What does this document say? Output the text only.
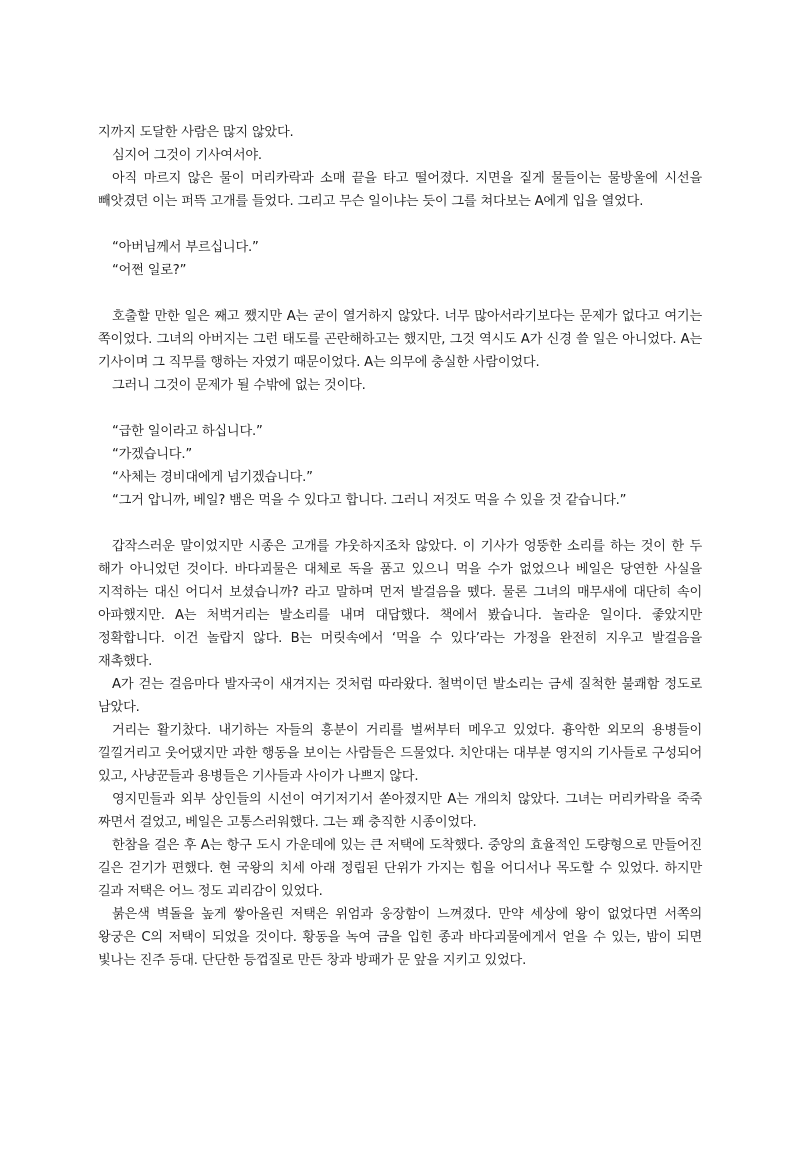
지까지 도달한 사람은 많지 않았다.

심지어 그것이 기사여서야.

아직 마르지 않은 물이 머리카락과 소매 끝을 타고 떨어졌다. 지면을 짙게 물들이는 물방울에 시선을 빼앗겼던 이는 퍼뜩 고개를 들었다. 그리고 무슨 일이냐는 듯이 그를 쳐다보는 A에게 입을 열었다.

“아버님께서 부르십니다.”

“어쩐 일로?”

호출할 만한 일은 째고 쨌지만 A는 굳이 열거하지 않았다. 너무 많아서라기보다는 문제가 없다고 여기는 쪽이었다. 그녀의 아버지는 그런 태도를 곤란해하고는 했지만, 그것 역시도 A가 신경 쓸 일은 아니었다. A는 기사이며 그 직무를 행하는 자였기 때문이었다. A는 의무에 충실한 사람이었다.

그러니 그것이 문제가 될 수밖에 없는 것이다.

“급한 일이라고 하십니다.”

“가겠습니다.”

“사체는 경비대에게 넘기겠습니다.”

“그거 압니까, 베일? 뱀은 먹을 수 있다고 합니다. 그러니 저것도 먹을 수 있을 것 같습니다.”

갑작스러운 말이었지만 시종은 고개를 갸웃하지조차 않았다. 이 기사가 엉뚱한 소리를 하는 것이 한 두 해가 아니었던 것이다. 바다괴물은 대체로 독을 품고 있으니 먹을 수가 없었으나 베일은 당연한 사실을 지적하는 대신 어디서 보셨습니까? 라고 말하며 먼저 발걸음을 뗐다. 물론 그녀의 매무새에 대단히 속이 아파했지만. A는 처벅거리는 발소리를 내며 대답했다. 책에서 봤습니다. 놀라운 일이다. 좋았지만 정확합니다. 이건 놀랍지 않다. B는 머릿속에서 ‘먹을 수 있다’라는 가정을 완전히 지우고 발걸음을 재촉했다.

A가 걷는 걸음마다 발자국이 새겨지는 것처럼 따라왔다. 철벅이던 발소리는 금세 질척한 불쾌함 정도로 남았다.

거리는 활기찼다. 내기하는 자들의 흥분이 거리를 벌써부터 메우고 있었다. 흉악한 외모의 용병들이 낄낄거리고 웃어댔지만 과한 행동을 보이는 사람들은 드물었다. 치안대는 대부분 영지의 기사들로 구성되어 있고, 사냥꾼들과 용병들은 기사들과 사이가 나쁘지 않다.

영지민들과 외부 상인들의 시선이 여기저기서 쏟아졌지만 A는 개의치 않았다. 그녀는 머리카락을 죽죽 짜면서 걸었고, 베일은 고통스러워했다. 그는 꽤 충직한 시종이었다.

한참을 걸은 후 A는 항구 도시 가운데에 있는 큰 저택에 도착했다. 중앙의 효율적인 도량형으로 만들어진 길은 걷기가 편했다. 현 국왕의 치세 아래 정립된 단위가 가지는 힘을 어디서나 목도할 수 있었다. 하지만 길과 저택은 어느 정도 괴리감이 있었다.

붉은색 벽돌을 높게 쌓아올린 저택은 위엄과 웅장함이 느껴졌다. 만약 세상에 왕이 없었다면 서쪽의 왕궁은 C의 저택이 되었을 것이다. 황동을 녹여 금을 입힌 종과 바다괴물에게서 얻을 수 있는, 밤이 되면 빛나는 진주 등대. 단단한 등껍질로 만든 창과 방패가 문 앞을 지키고 있었다.
